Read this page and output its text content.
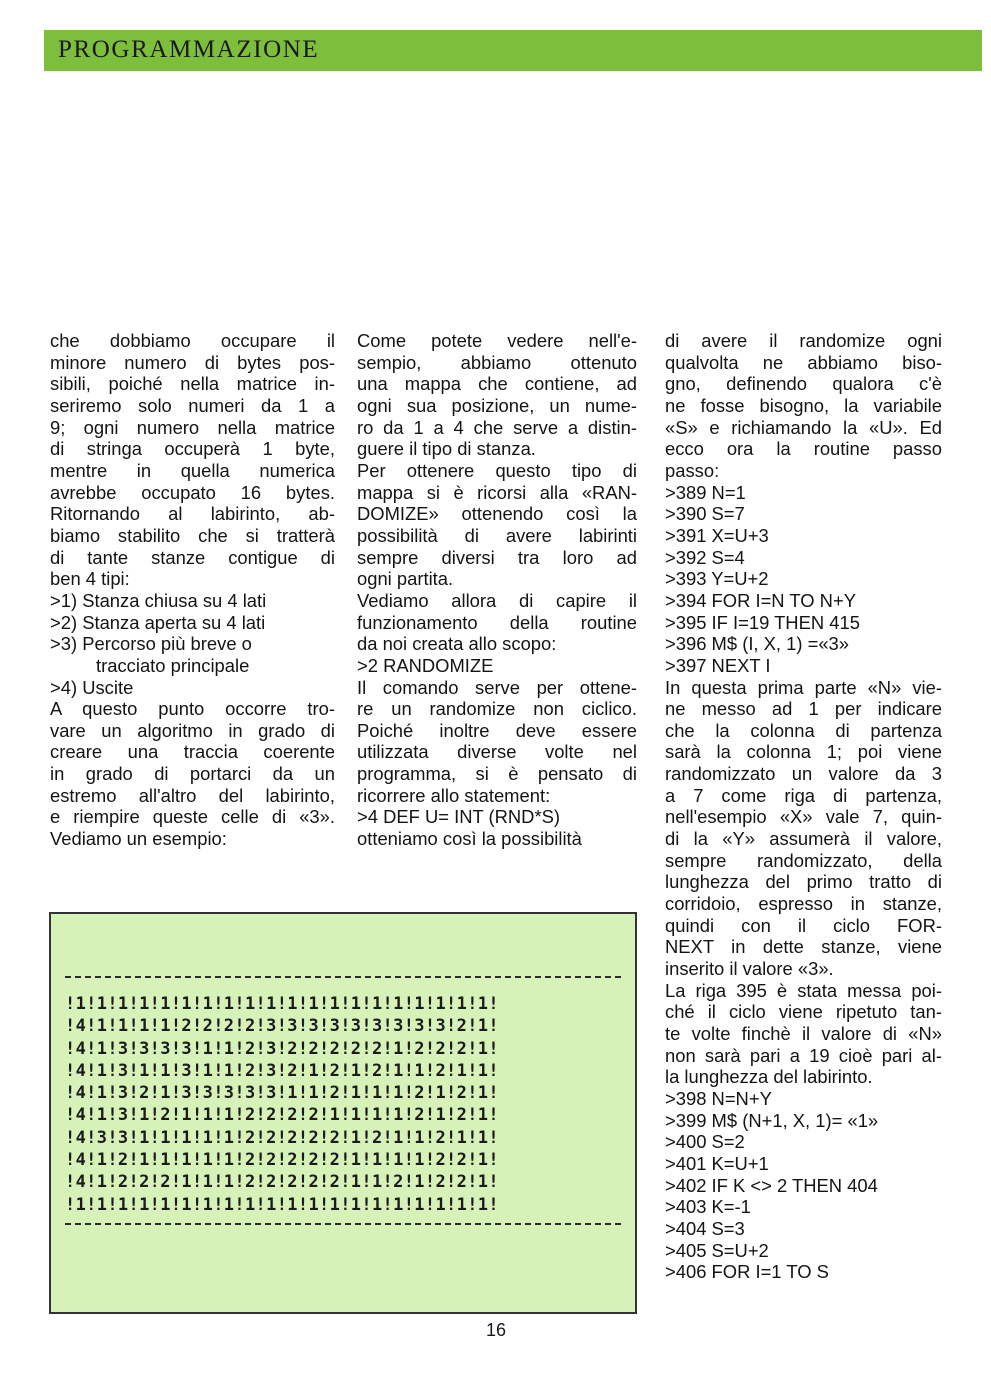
PROGRAMMAZIONE
che dobbiamo occupare il
minore numero di bytes pos-
sibili, poiché nella matrice in-
seriremo solo numeri da 1 a
9; ogni numero nella matrice
di stringa occuperà 1 byte,
mentre in quella numerica
avrebbe occupato 16 bytes.
Ritornando al labirinto, ab-
biamo stabilito che si tratterà
di tante stanze contigue di
ben 4 tipi:
>1) Stanza chiusa su 4 lati
>2) Stanza aperta su 4 lati
>3) Percorso più breve o
tracciato principale
>4) Uscite
A questo punto occorre tro-
vare un algoritmo in grado di
creare una traccia coerente
in grado di portarci da un
estremo all'altro del labirinto,
e riempire queste celle di «3».
Vediamo un esempio:
Come potete vedere nell'e-
sempio, abbiamo ottenuto
una mappa che contiene, ad
ogni sua posizione, un nume-
ro da 1 a 4 che serve a distin-
guere il tipo di stanza.
Per ottenere questo tipo di
mappa si è ricorsi alla «RAN-
DOMIZE» ottenendo così la
possibilità di avere labirinti
sempre diversi tra loro ad
ogni partita.
Vediamo allora di capire il
funzionamento della routine
da noi creata allo scopo:
>2 RANDOMIZE
Il comando serve per ottene-
re un randomize non ciclico.
Poiché inoltre deve essere
utilizzata diverse volte nel
programma, si è pensato di
ricorrere allo statement:
>4 DEF U= INT (RND*S)
otteniamo così la possibilità
di avere il randomize ogni
qualvolta ne abbiamo biso-
gno, definendo qualora c'è
ne fosse bisogno, la variabile
«S» e richiamando la «U». Ed
ecco ora la routine passo
passo:
>389 N=1
>390 S=7
>391 X=U+3
>392 S=4
>393 Y=U+2
>394 FOR I=N TO N+Y
>395 IF I=19 THEN 415
>396 M$ (I, X, 1) =«3»
>397 NEXT I
In questa prima parte «N» vie-
ne messo ad 1 per indicare
che la colonna di partenza
sarà la colonna 1; poi viene
randomizzato un valore da 3
a 7 come riga di partenza,
nell'esempio «X» vale 7, quin-
di la «Y» assumerà il valore,
sempre randomizzato, della
lunghezza del primo tratto di
corridoio, espresso in stanze,
quindi con il ciclo FOR-
NEXT in dette stanze, viene
inserito il valore «3».
La riga 395 è stata messa poi-
ché il ciclo viene ripetuto tan-
te volte finchè il valore di «N»
non sarà pari a 19 cioè pari al-
la lunghezza del labirinto.
>398 N=N+Y
>399 M$ (N+1, X, 1)= «1»
>400 S=2
>401 K=U+1
>402 IF K <> 2 THEN 404
>403 K=-1
>404 S=3
>405 S=U+2
>406 FOR I=1 TO S
!1!1!1!1!1!1!1!1!1!1!1!1!1!1!1!1!1!1!1!1!
!4!1!1!1!1!2!2!2!2!3!3!3!3!3!3!3!3!3!2!1!
!4!1!3!3!3!3!1!1!2!3!2!2!2!2!2!1!2!2!2!1!
!4!1!3!1!1!3!1!1!2!3!2!1!2!1!2!1!1!2!1!1!
!4!1!3!2!1!3!3!3!3!3!1!1!2!1!1!1!2!1!2!1!
!4!1!3!1!2!1!1!1!2!2!2!2!1!1!1!1!2!1!2!1!
!4!3!3!1!1!1!1!1!2!2!2!2!2!1!2!1!1!2!1!1!
!4!1!2!1!1!1!1!1!2!2!2!2!2!1!1!1!1!2!2!1!
!4!1!2!2!2!1!1!1!2!2!2!2!2!1!1!2!1!2!2!1!
!1!1!1!1!1!1!1!1!1!1!1!1!1!1!1!1!1!1!1!1!
16
